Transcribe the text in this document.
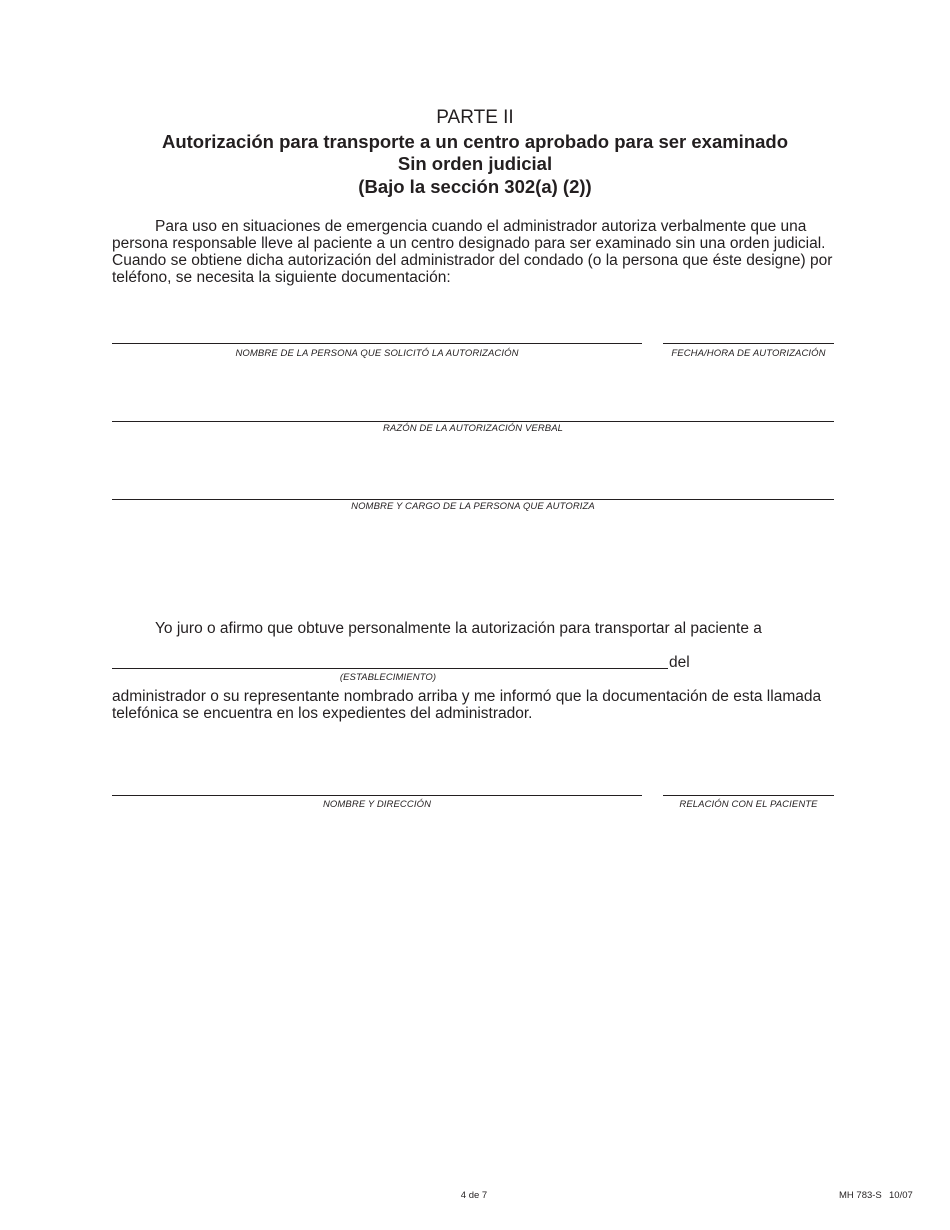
PARTE II
Autorización para transporte a un centro aprobado para ser examinado
Sin orden judicial
(Bajo la sección 302(a) (2))
Para uso en situaciones de emergencia cuando el administrador autoriza verbalmente que una persona responsable lleve al paciente a un centro designado para ser examinado sin una orden judicial. Cuando se obtiene dicha autorización del administrador del condado (o la persona que éste designe) por teléfono, se necesita la siguiente documentación:
NOMBRE DE LA PERSONA QUE SOLICITÓ LA AUTORIZACIÓN	FECHA/HORA DE AUTORIZACIÓN
RAZÓN DE LA AUTORIZACIÓN VERBAL
NOMBRE Y CARGO DE LA PERSONA QUE AUTORIZA
Yo juro o afirmo que obtuve personalmente la autorización para transportar al paciente a
del
(ESTABLECIMIENTO)
administrador o su representante nombrado arriba y me informó que la documentación de esta llamada telefónica se encuentra en los expedientes del administrador.
NOMBRE Y DIRECCIÓN	RELACIÓN CON EL PACIENTE
4 de 7	MH 783-S 10/07
